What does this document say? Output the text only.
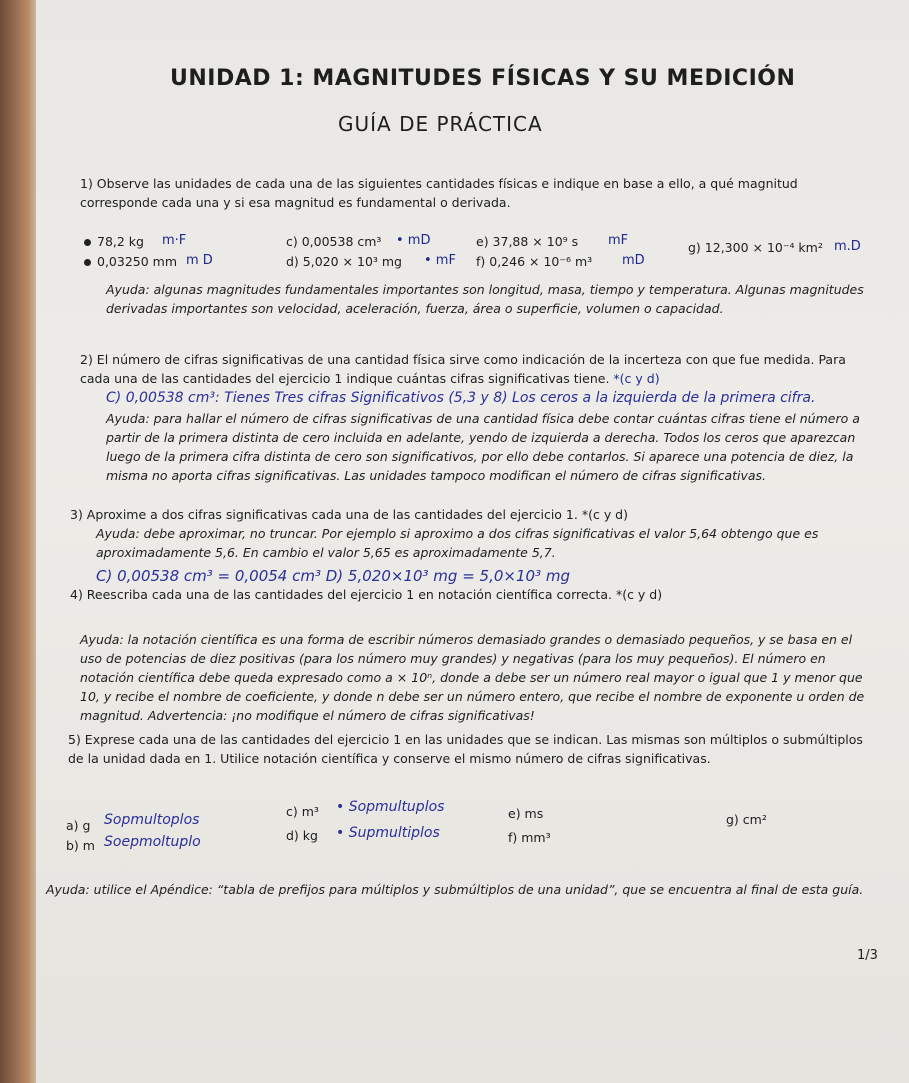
UNIDAD 1: MAGNITUDES FÍSICAS Y SU MEDICIÓN
GUÍA DE PRÁCTICA
1) Observe las unidades de cada una de las siguientes cantidades físicas e indique en base a ello, a qué magnitud corresponde cada una y si esa magnitud es fundamental o derivada.
78,2 kg m·F
0,03250 mm m D
c) 0,00538 cm³ • mD
d) 5,020 × 10³ mg • mF
e) 37,88 × 10⁹ s mF
f) 0,246 × 10⁻⁶ m³ mD
g) 12,300 × 10⁻⁴ km² m.D
Ayuda: algunas magnitudes fundamentales importantes son longitud, masa, tiempo y temperatura. Algunas magnitudes derivadas importantes son velocidad, aceleración, fuerza, área o superficie, volumen o capacidad.
2) El número de cifras significativas de una cantidad física sirve como indicación de la incerteza con que fue medida. Para cada una de las cantidades del ejercicio 1 indique cuántas cifras significativas tiene. *(c y d)
C) 0,00538 cm³: Tienes Tres cifras Significativos (5,3 y 8) Los ceros a la izquierda de la primera cifra.
Ayuda: para hallar el número de cifras significativas de una cantidad física debe contar cuántas cifras tiene el número a partir de la primera distinta de cero incluida en adelante, yendo de izquierda a derecha. Todos los ceros que aparezcan luego de la primera cifra distinta de cero son significativos, por ello debe contarlos. Si aparece una potencia de diez, la misma no aporta cifras significativas. Las unidades tampoco modifican el número de cifras significativas.
3) Aproxime a dos cifras significativas cada una de las cantidades del ejercicio 1. *(c y d)
Ayuda: debe aproximar, no truncar. Por ejemplo si aproximo a dos cifras significativas el valor 5,64 obtengo que es aproximadamente 5,6. En cambio el valor 5,65 es aproximadamente 5,7.
C) 0,00538 cm³ = 0,0054 cm³ D) 5,020×10³ mg = 5,0×10³ mg
4) Reescriba cada una de las cantidades del ejercicio 1 en notación científica correcta. *(c y d)
Ayuda: la notación científica es una forma de escribir números demasiado grandes o demasiado pequeños, y se basa en el uso de potencias de diez positivas (para los número muy grandes) y negativas (para los muy pequeños). El número en notación científica debe queda expresado como a × 10ⁿ, donde a debe ser un número real mayor o igual que 1 y menor que 10, y recibe el nombre de coeficiente, y donde n debe ser un número entero, que recibe el nombre de exponente u orden de magnitud. Advertencia: ¡no modifique el número de cifras significativas!
5) Exprese cada una de las cantidades del ejercicio 1 en las unidades que se indican. Las mismas son múltiplos o submúltiplos de la unidad dada en 1. Utilice notación científica y conserve el mismo número de cifras significativas.
a) g Sopmultoplos
b) m Soepmoltuplo
c) m³ • Sopmultuplos
d) kg • Supmultiplos
e) ms
f) mm³
g) cm²
Ayuda: utilice el Apéndice: “tabla de prefijos para múltiplos y submúltiplos de una unidad”, que se encuentra al final de esta guía.
1/3
